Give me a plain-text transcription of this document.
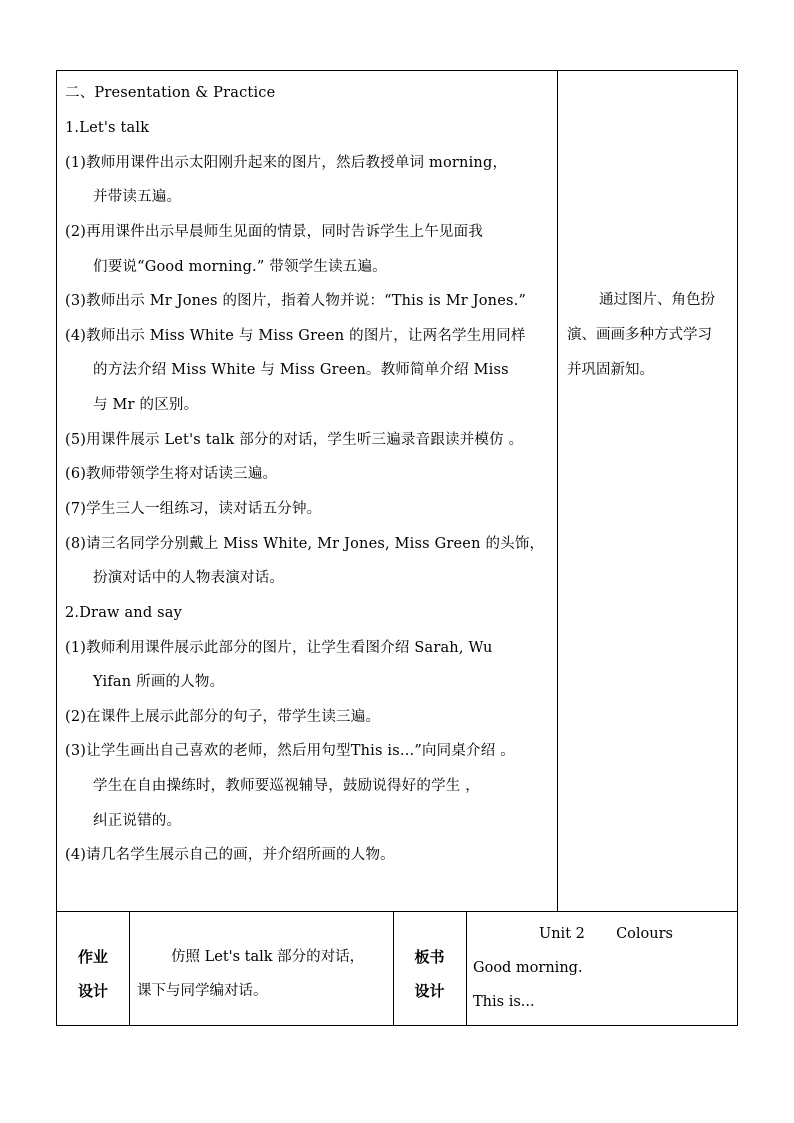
二、Presentation & Practice
1.Let's talk
(1)教师用课件出示太阳刚升起来的图片，然后教授单词 morning，
并带读五遍。
(2)再用课件出示早晨师生见面的情景，同时告诉学生上午见面我
们要说“Good morning.” 带领学生读五遍。
(3)教师出示 Mr Jones 的图片，指着人物并说：“This is Mr Jones.”
(4)教师出示 Miss White 与 Miss Green 的图片，让两名学生用同样
的方法介绍 Miss White 与 Miss Green。教师简单介绍 Miss
与 Mr 的区别。
(5)用课件展示 Let's talk 部分的对话，学生听三遍录音跟读并模仿 。
(6)教师带领学生将对话读三遍。
(7)学生三人一组练习，读对话五分钟。
(8)请三名同学分别戴上 Miss White, Mr Jones, Miss Green 的头饰，
扮演对话中的人物表演对话。
2.Draw and say
(1)教师利用课件展示此部分的图片，让学生看图介绍 Sarah, Wu
Yifan 所画的人物。
(2)在课件上展示此部分的句子，带学生读三遍。
(3)让学生画出自己喜欢的老师，然后用句型This is...”向同桌介绍 。
学生在自由操练时，教师要巡视辅导，鼓励说得好的学生 ，
纠正说错的。
(4)请几名学生展示自己的画，并介绍所画的人物。
通过图片、角色扮
演、画画多种方式学习
并巩固新知。
作业
设计
仿照 Let's talk 部分的对话，
课下与同学编对话。
板书
设计
Unit 2 Colours
Good morning.
This is...
